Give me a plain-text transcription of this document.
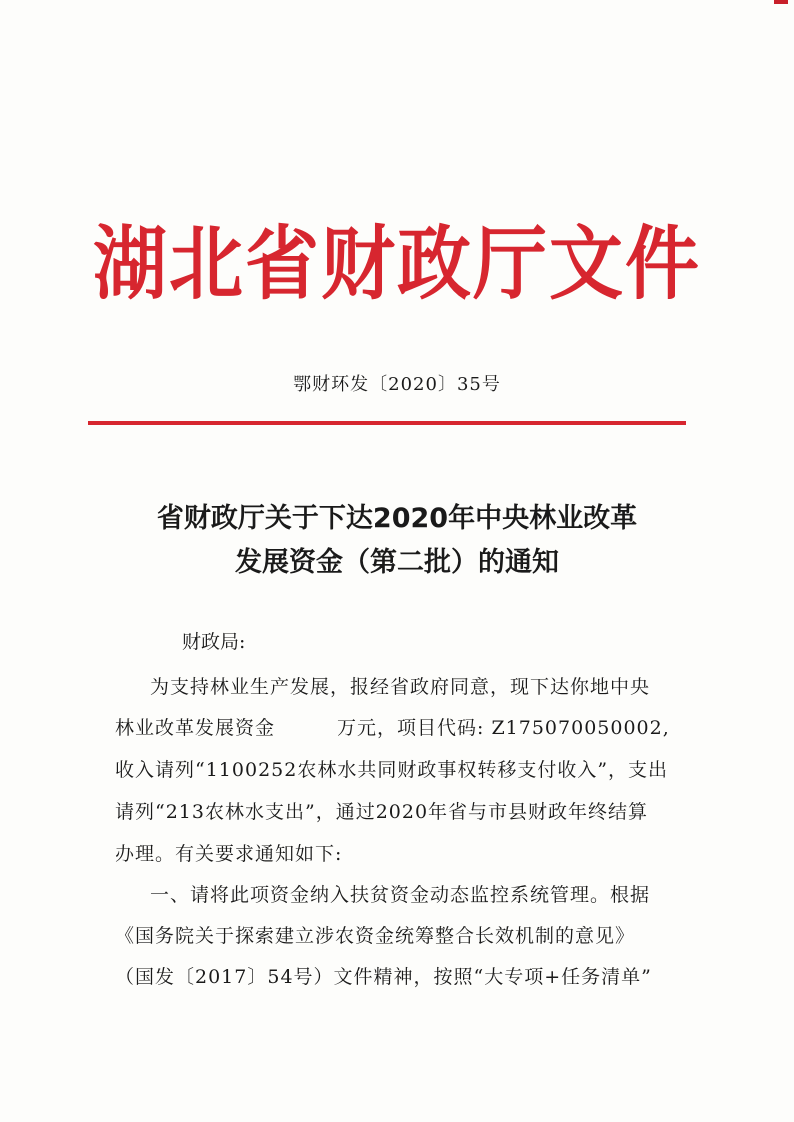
湖北省财政厅文件
鄂财环发〔2020〕35号
省财政厅关于下达2020年中央林业改革
发展资金（第二批）的通知
财政局:
为支持林业生产发展，报经省政府同意，现下达你地中央
林业改革发展资金	万元，项目代码: Z175070050002,
收入请列“1100252农林水共同财政事权转移支付收入”，支出
请列“213农林水支出”，通过2020年省与市县财政年终结算
办理。有关要求通知如下:
一、请将此项资金纳入扶贫资金动态监控系统管理。根据
《国务院关于探索建立涉农资金统筹整合长效机制的意见》
（国发〔2017〕54号）文件精神，按照“大专项+任务清单”
